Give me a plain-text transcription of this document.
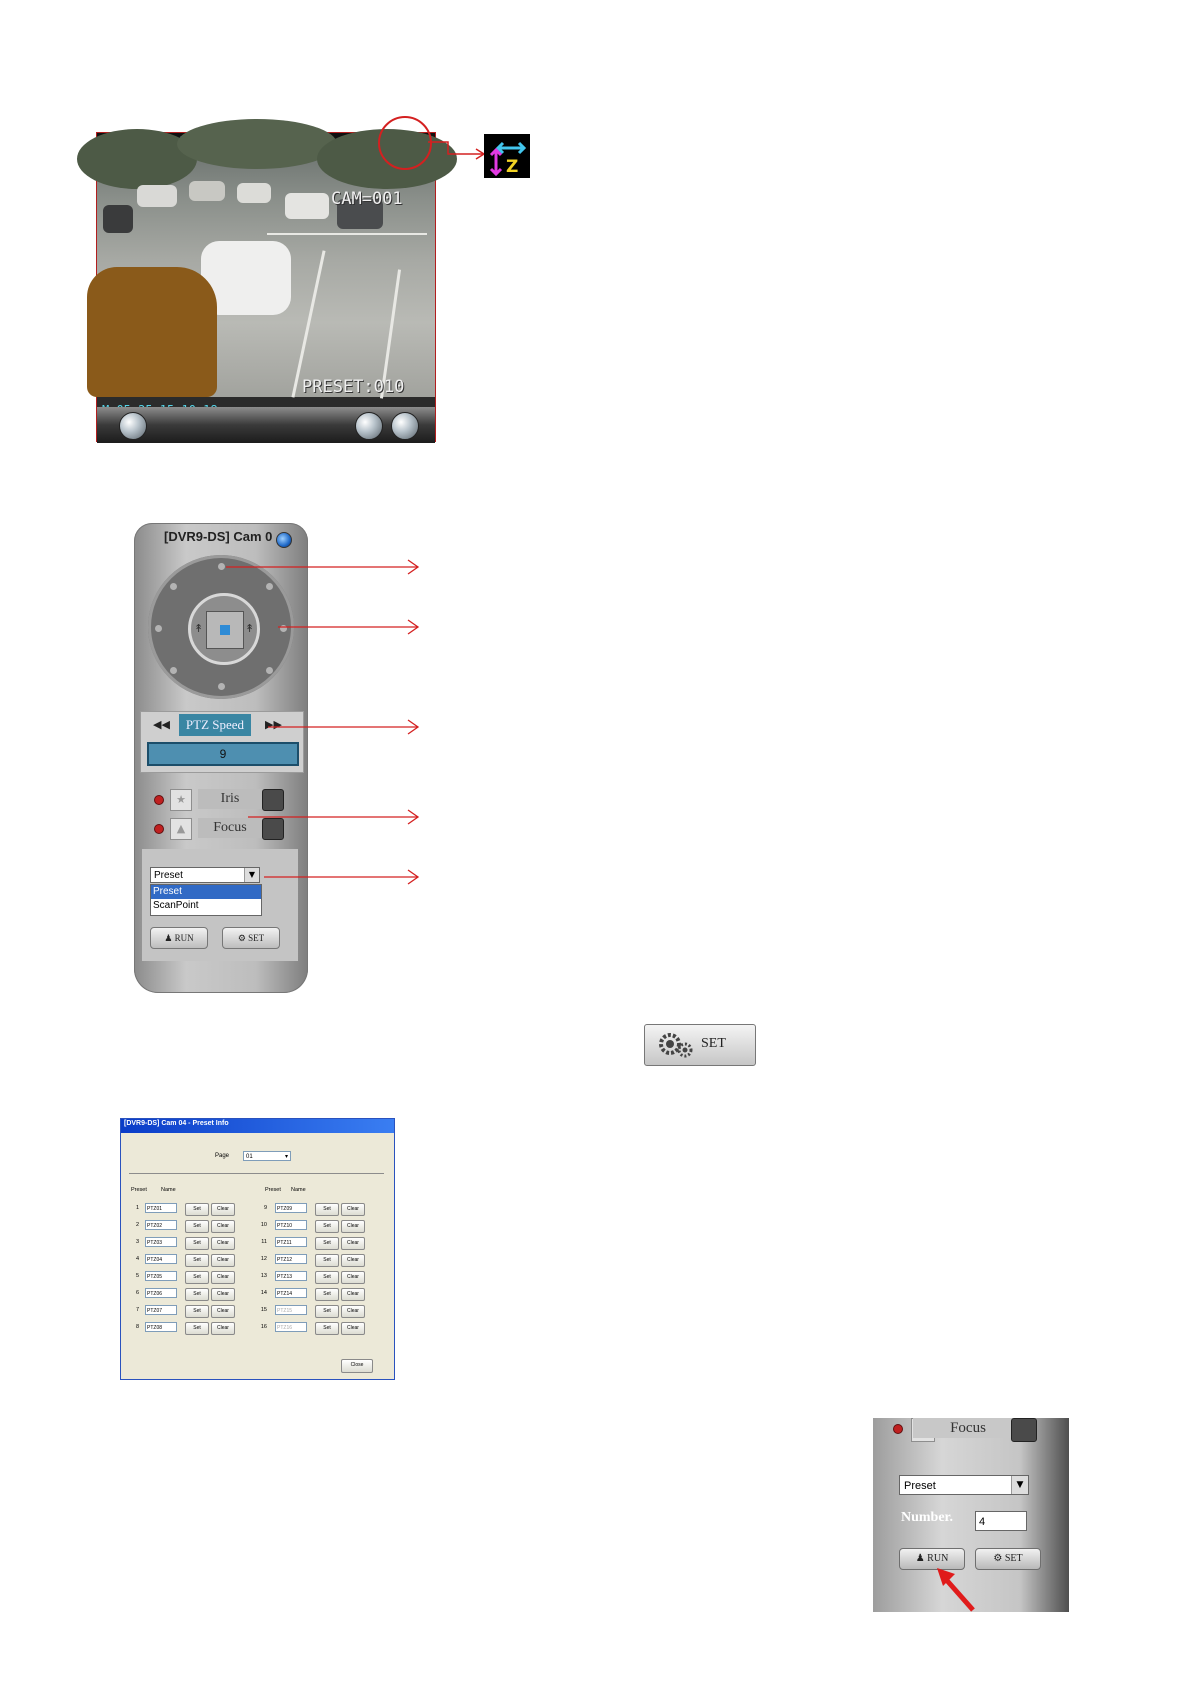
CAM=001
PRESET:010
Z
[DVR9-DS] Cam 0
↟	↟
◀◀	PTZ Speed	▶▶
9
★	Iris
▲	Focus
Preset	▼
Preset
ScanPoint
♟ RUN	⚙ SET
SET
[DVR9-DS] Cam 04 - Preset Info
Page	01	▾
Preset	Name	Preset Name
Close
1	PTZ01	Set	Clear
2	PTZ02	Set	Clear
3	PTZ03	Set	Clear
4	PTZ04	Set	Clear
5	PTZ05	Set	Clear
6	PTZ06	Set	Clear
7	PTZ07	Set	Clear
8	PTZ08	Set	Clear
9	PTZ09	Set	Clear
10	PTZ10	Set	Clear
11	PTZ11	Set	Clear
12	PTZ12	Set	Clear
13	PTZ13	Set	Clear
14	PTZ14	Set	Clear
15	PTZ15	Set	Clear
16	PTZ16	Set	Clear
Focus
Preset	▼
Number.	4
♟ RUN	⚙ SET
